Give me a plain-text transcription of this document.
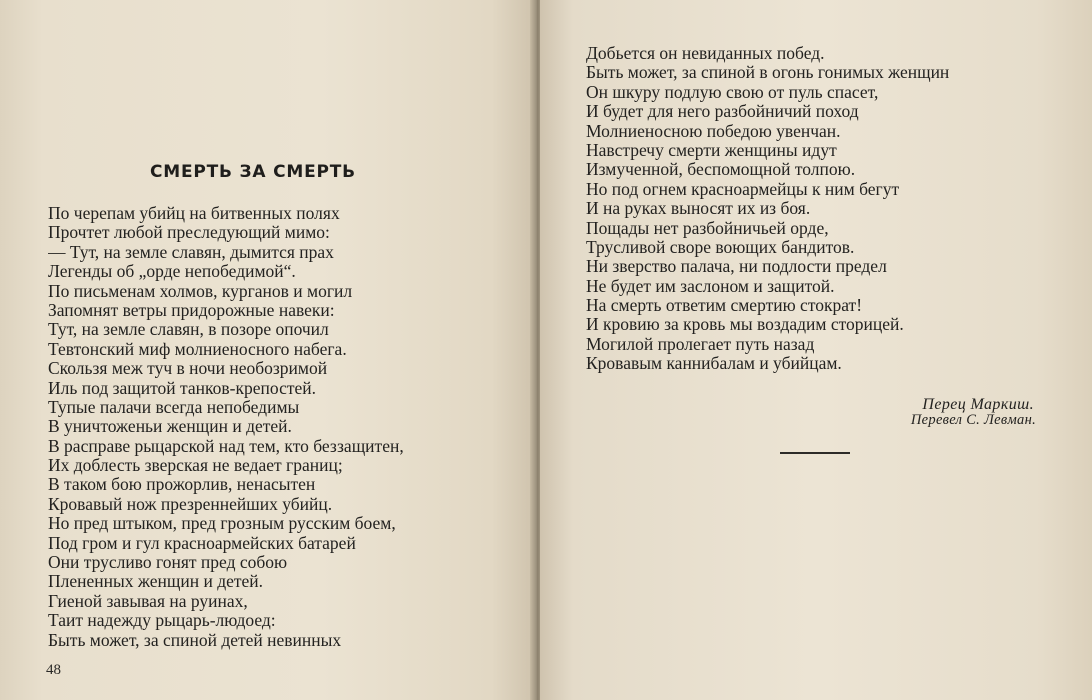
СМЕРТЬ ЗА СМЕРТЬ
По черепам убийц на битвенных полях
Прочтет любой преследующий мимо:
— Тут, на земле славян, дымится прах
Легенды об „орде непобедимой“.
По письменам холмов, курганов и могил
Запомнят ветры придорожные навеки:
Тут, на земле славян, в позоре опочил
Тевтонский миф молниеносного набега.
Скользя меж туч в ночи необозримой
Иль под защитой танков-крепостей.
Тупые палачи всегда непобедимы
В уничтоженьи женщин и детей.
В расправе рыцарской над тем, кто беззащитен,
Их доблесть зверская не ведает границ;
В таком бою прожорлив, ненасытен
Кровавый нож презреннейших убийц.
Но пред штыком, пред грозным русским боем,
Под гром и гул красноармейских батарей
Они трусливо гонят пред собою
Плененных женщин и детей.
Гиеной завывая на руинах,
Таит надежду рыцарь-людоед:
Быть может, за спиной детей невинных
48
Добьется он невиданных побед.
Быть может, за спиной в огонь гонимых женщин
Он шкуру подлую свою от пуль спасет,
И будет для него разбойничий поход
Молниеносною победою увенчан.
Навстречу смерти женщины идут
Измученной, беспомощной толпою.
Но под огнем красноармейцы к ним бегут
И на руках выносят их из боя.
Пощады нет разбойничьей орде,
Трусливой своре воющих бандитов.
Ни зверство палача, ни подлости предел
Не будет им заслоном и защитой.
На смерть ответим смертию стократ!
И кровию за кровь мы воздадим сторицей.
Могилой пролегает путь назад
Кровавым каннибалам и убийцам.
Перец Маркиш.
Перевел С. Левман.
